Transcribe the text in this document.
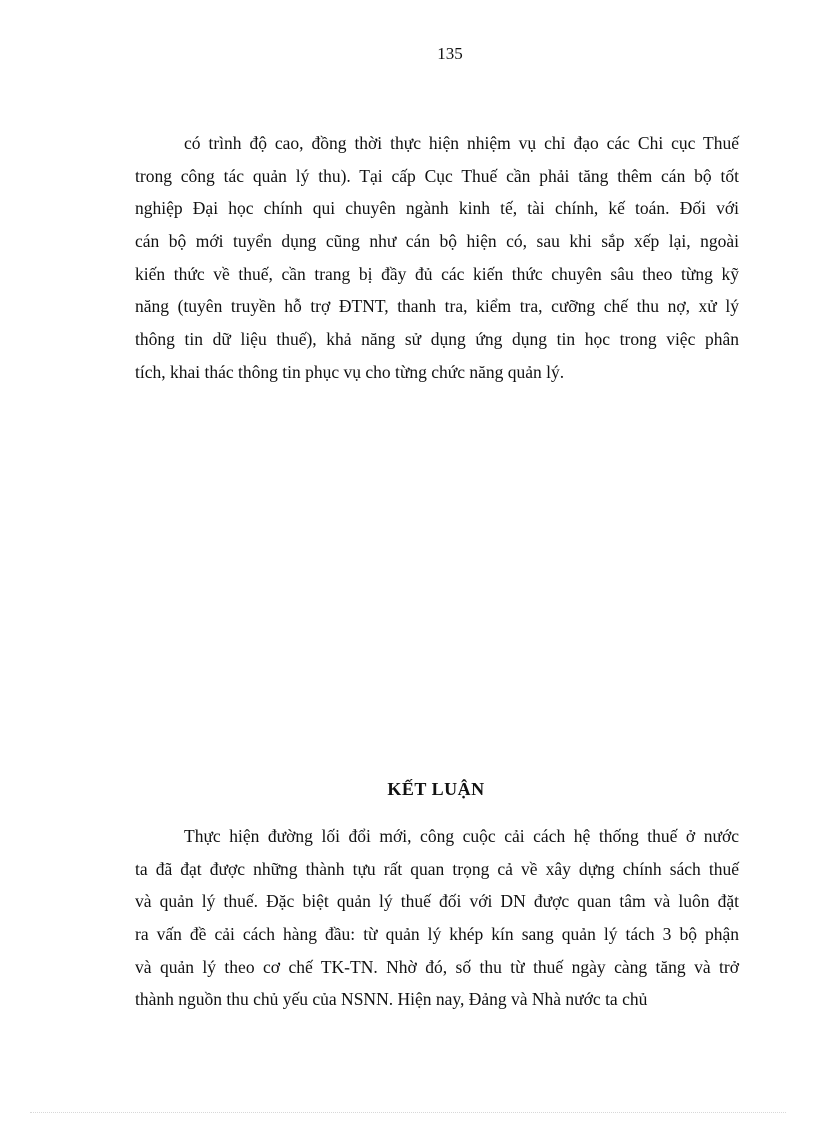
135
có trình độ cao, đồng thời thực hiện nhiệm vụ chỉ đạo các Chi cục Thuế
trong công tác quản lý thu). Tại cấp Cục Thuế cần phải tăng thêm cán bộ tốt
nghiệp Đại học chính qui chuyên ngành kinh tế, tài chính, kế toán. Đối với
cán bộ mới tuyển dụng cũng như cán bộ hiện có, sau khi sắp xếp lại, ngoài
kiến thức về thuế, cần trang bị đầy đủ các kiến thức chuyên sâu theo từng kỹ
năng (tuyên truyền hỗ trợ ĐTNT, thanh tra, kiểm tra, cưỡng chế thu nợ, xử lý
thông tin dữ liệu thuế), khả năng sử dụng ứng dụng tin học trong việc phân
tích, khai thác thông tin phục vụ cho từng chức năng quản lý.
KẾT LUẬN
Thực hiện đường lối đổi mới, công cuộc cải cách hệ thống thuế ở nước
ta đã đạt được những thành tựu rất quan trọng cả về xây dựng chính sách thuế
và quản lý thuế. Đặc biệt quản lý thuế đối với DN được quan tâm và luôn đặt
ra vấn đề cải cách hàng đầu: từ quản lý khép kín sang quản lý tách 3 bộ phận
và quản lý theo cơ chế TK-TN. Nhờ đó, số thu từ thuế ngày càng tăng và trở
thành nguồn thu chủ yếu của NSNN. Hiện nay, Đảng và Nhà nước ta chủ
